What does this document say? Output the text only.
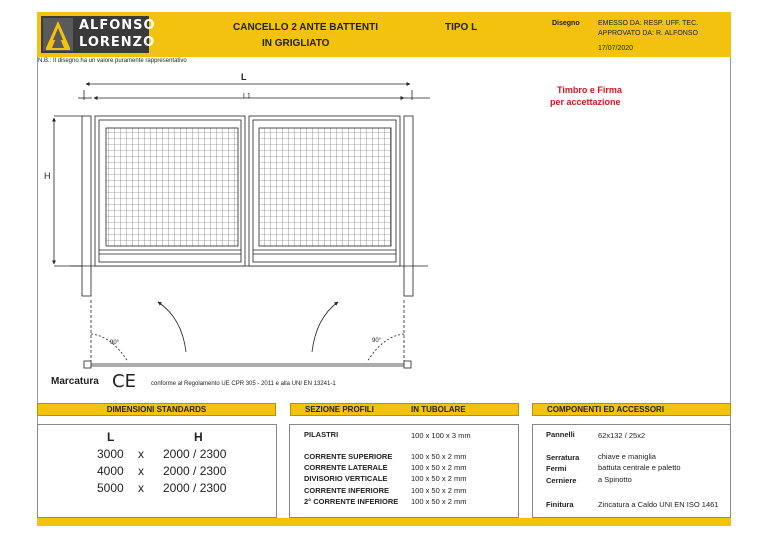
ALFONSO
LORENZO
CANCELLO 2 ANTE BATTENTI
IN GRIGLIATO
TIPO L	Disegno	EMESSO DA: RESP. UFF. TEC.
APPROVATO DA: R. ALFONSO
17/07/2020
N.B.: Il disegno ha un valore puramente rappresentativo
Timbro e Firma
per accettazione
L
L1
H
90°	90°
Marcatura CE	conforme al Regolamento UE CPR 305 - 2011 e alla UNI EN 13241-1
DIMENSIONI STANDARDS	SEZIONE PROFILI	IN TUBOLARE	COMPONENTI ED ACCESSORI
L	H
3000 x 2000 / 2300
4000 x 2000 / 2300
5000 x 2000 / 2300
PILASTRI	100 x 100 x 3 mm
CORRENTE SUPERIORE 100 x 50 x 2 mm
CORRENTE LATERALE	100 x 50 x 2 mm
DIVISORIO VERTICALE	100 x 50 x 2 mm
CORRENTE INFERIORE	100 x 50 x 2 mm
2° CORRENTE INFERIORE 100 x 50 x 2 mm
Pannelli	62x132 / 25x2
Serratura chiave e maniglia
Fermi	battuta centrale e paletto
Cerniere	a Spinotto
Finitura	Zincatura a Caldo UNI EN ISO 1461
